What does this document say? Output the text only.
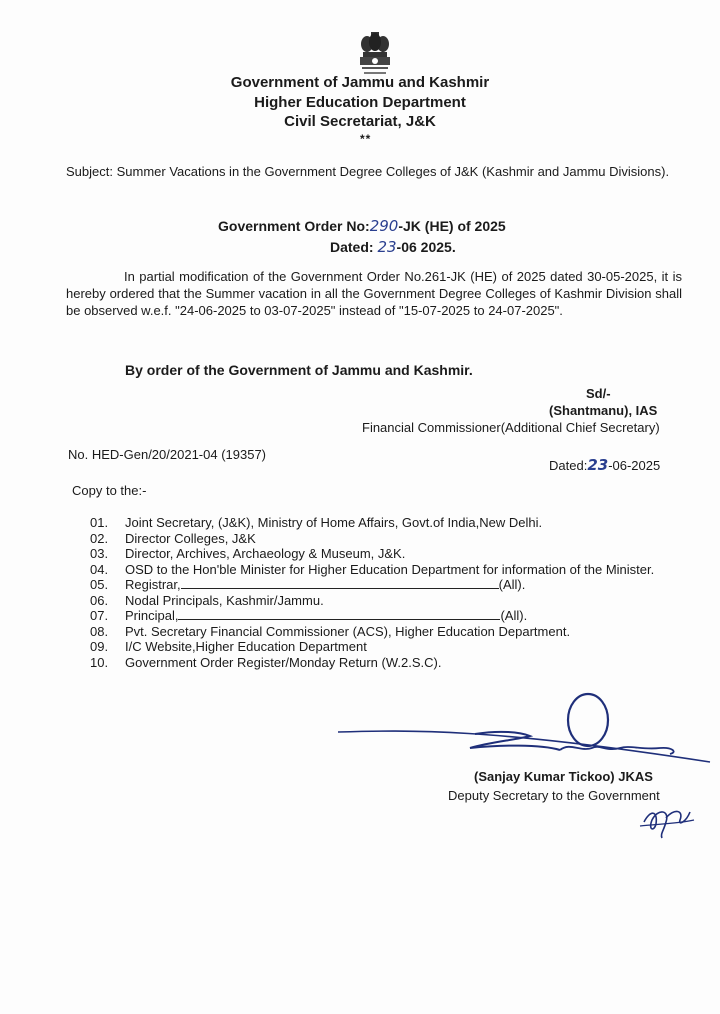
Government of Jammu and Kashmir
Higher Education Department
Civil Secretariat, J&K
**
Subject: Summer Vacations in the Government Degree Colleges of J&K (Kashmir and Jammu Divisions).
Government Order No:290-JK (HE) of 2025
Dated: 23-06 2025.
In partial modification of the Government Order No.261-JK (HE) of 2025 dated 30-05-2025, it is hereby ordered that the Summer vacation in all the Government Degree Colleges of Kashmir Division shall be observed w.e.f. "24-06-2025 to 03-07-2025" instead of "15-07-2025 to 24-07-2025".
By order of the Government of Jammu and Kashmir.
Sd/-
(Shantmanu), IAS
Financial Commissioner(Additional Chief Secretary)
No. HED-Gen/20/2021-04 (19357)
Dated:23-06-2025
Copy to the:-
01.	Joint Secretary, (J&K), Ministry of Home Affairs, Govt.of India,New Delhi.
02.	Director Colleges, J&K
03.	Director, Archives, Archaeology & Museum, J&K.
04.	OSD to the Hon'ble Minister for Higher Education Department for information of the Minister.
05.	Registrar,	(All).
06.	Nodal Principals, Kashmir/Jammu.
07.	Principal,	(All).
08.	Pvt. Secretary Financial Commissioner (ACS), Higher Education Department.
09.	I/C Website,Higher Education Department
10.	Government Order Register/Monday Return (W.2.S.C).
(Sanjay Kumar Tickoo) JKAS
Deputy Secretary to the Government
